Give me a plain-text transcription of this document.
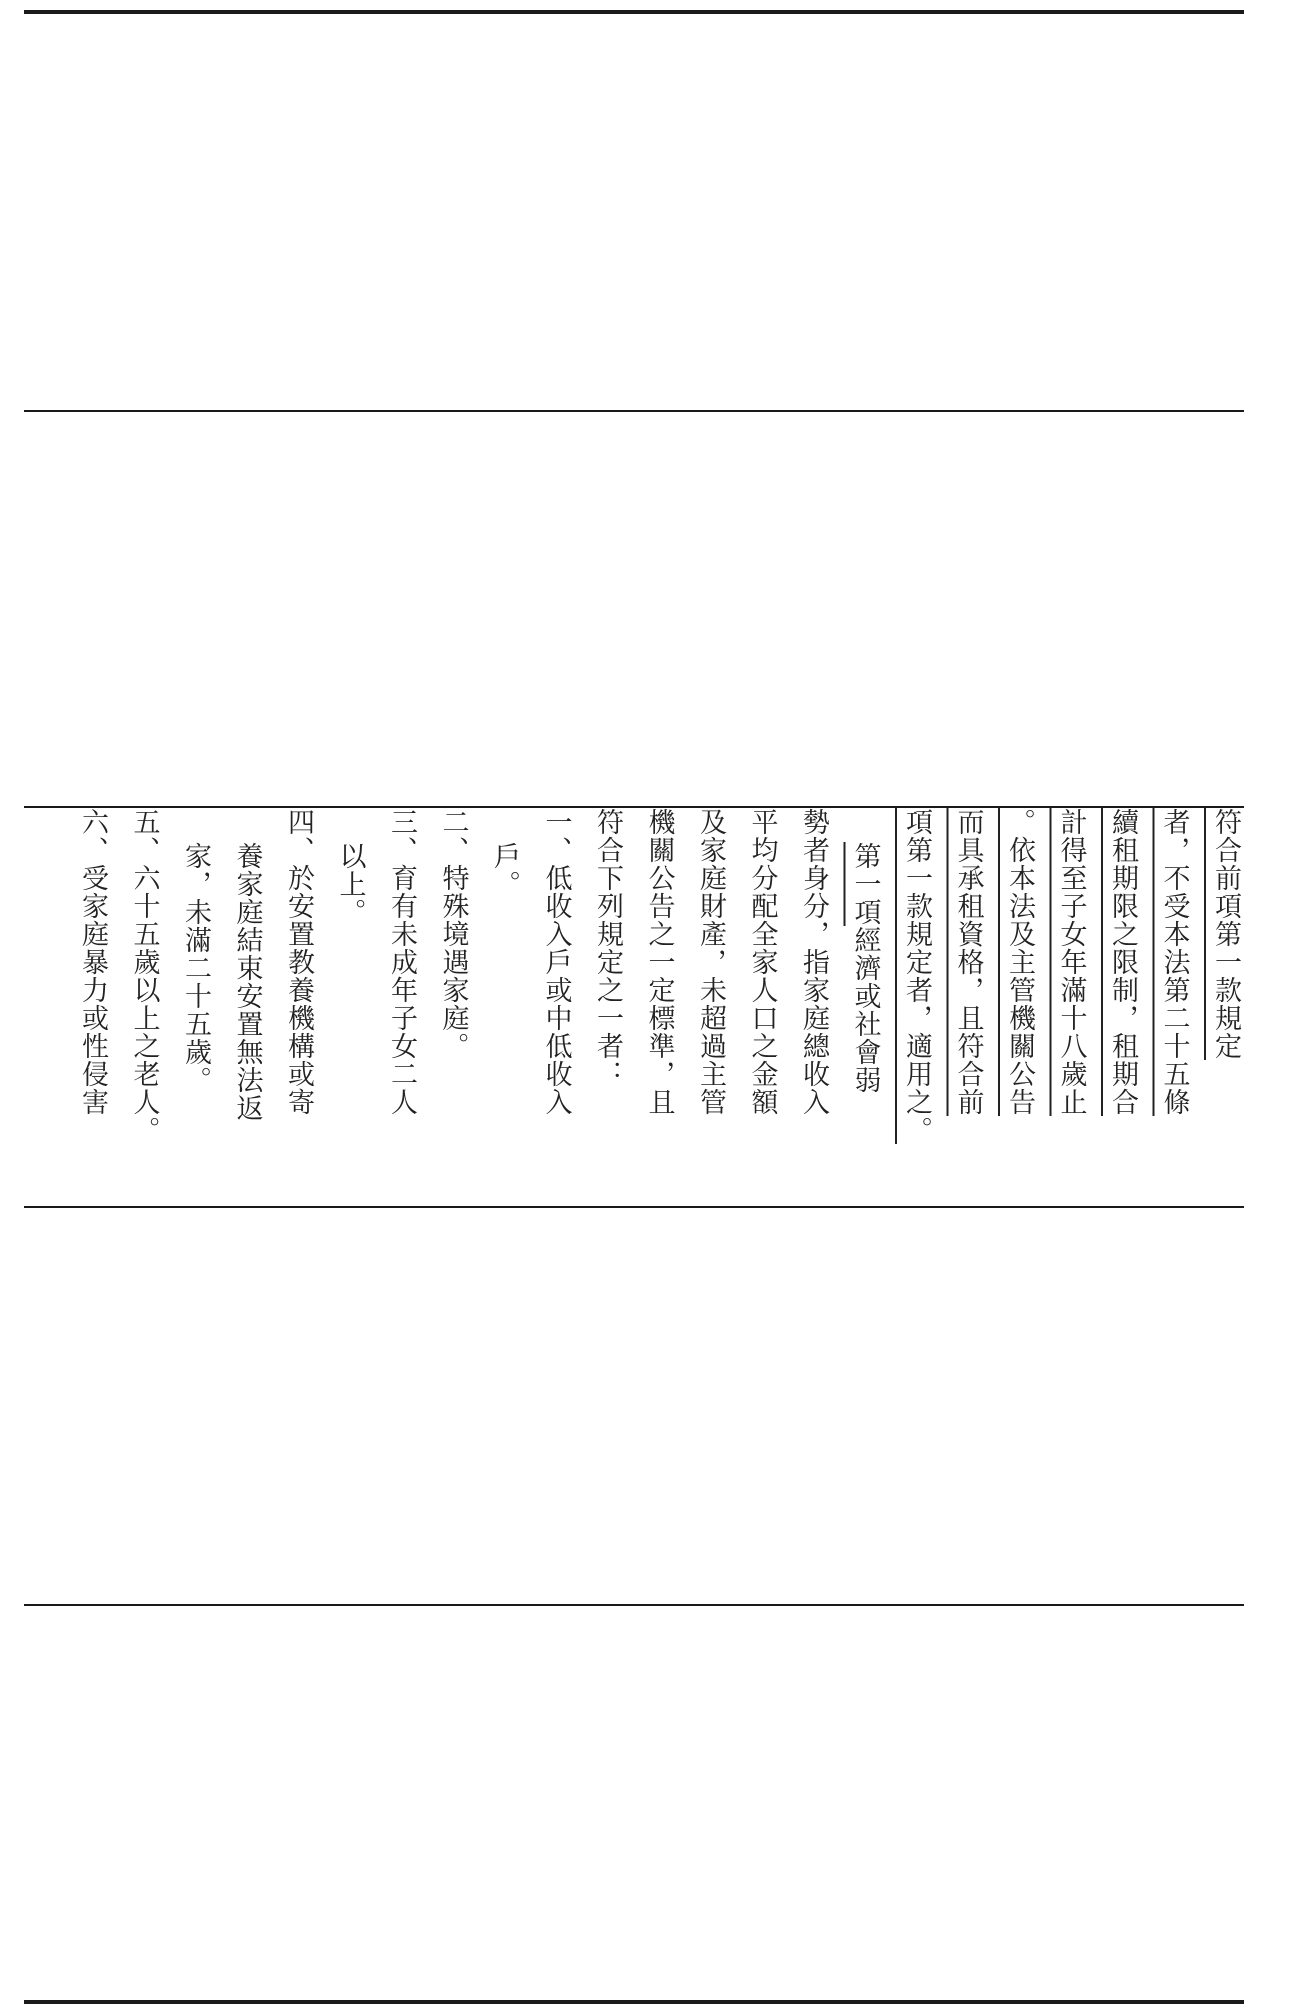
符合前項第一款規定
者，不受本法第二十五條
續租期限之限制，租期合
計得至子女年滿十八歲止
。依本法及主管機關公告
而具承租資格，且符合前
項第一款規定者，適用之。
第一項經濟或社會弱
勢者身分，指家庭總收入
平均分配全家人口之金額
及家庭財產，未超過主管
機關公告之一定標準，且
符合下列規定之一者：
一、低收入戶或中低收入
戶。
二、特殊境遇家庭。
三、育有未成年子女二人
以上。
四、於安置教養機構或寄
養家庭結束安置無法返
家，未滿二十五歲。
五、六十五歲以上之老人。
六、受家庭暴力或性侵害
